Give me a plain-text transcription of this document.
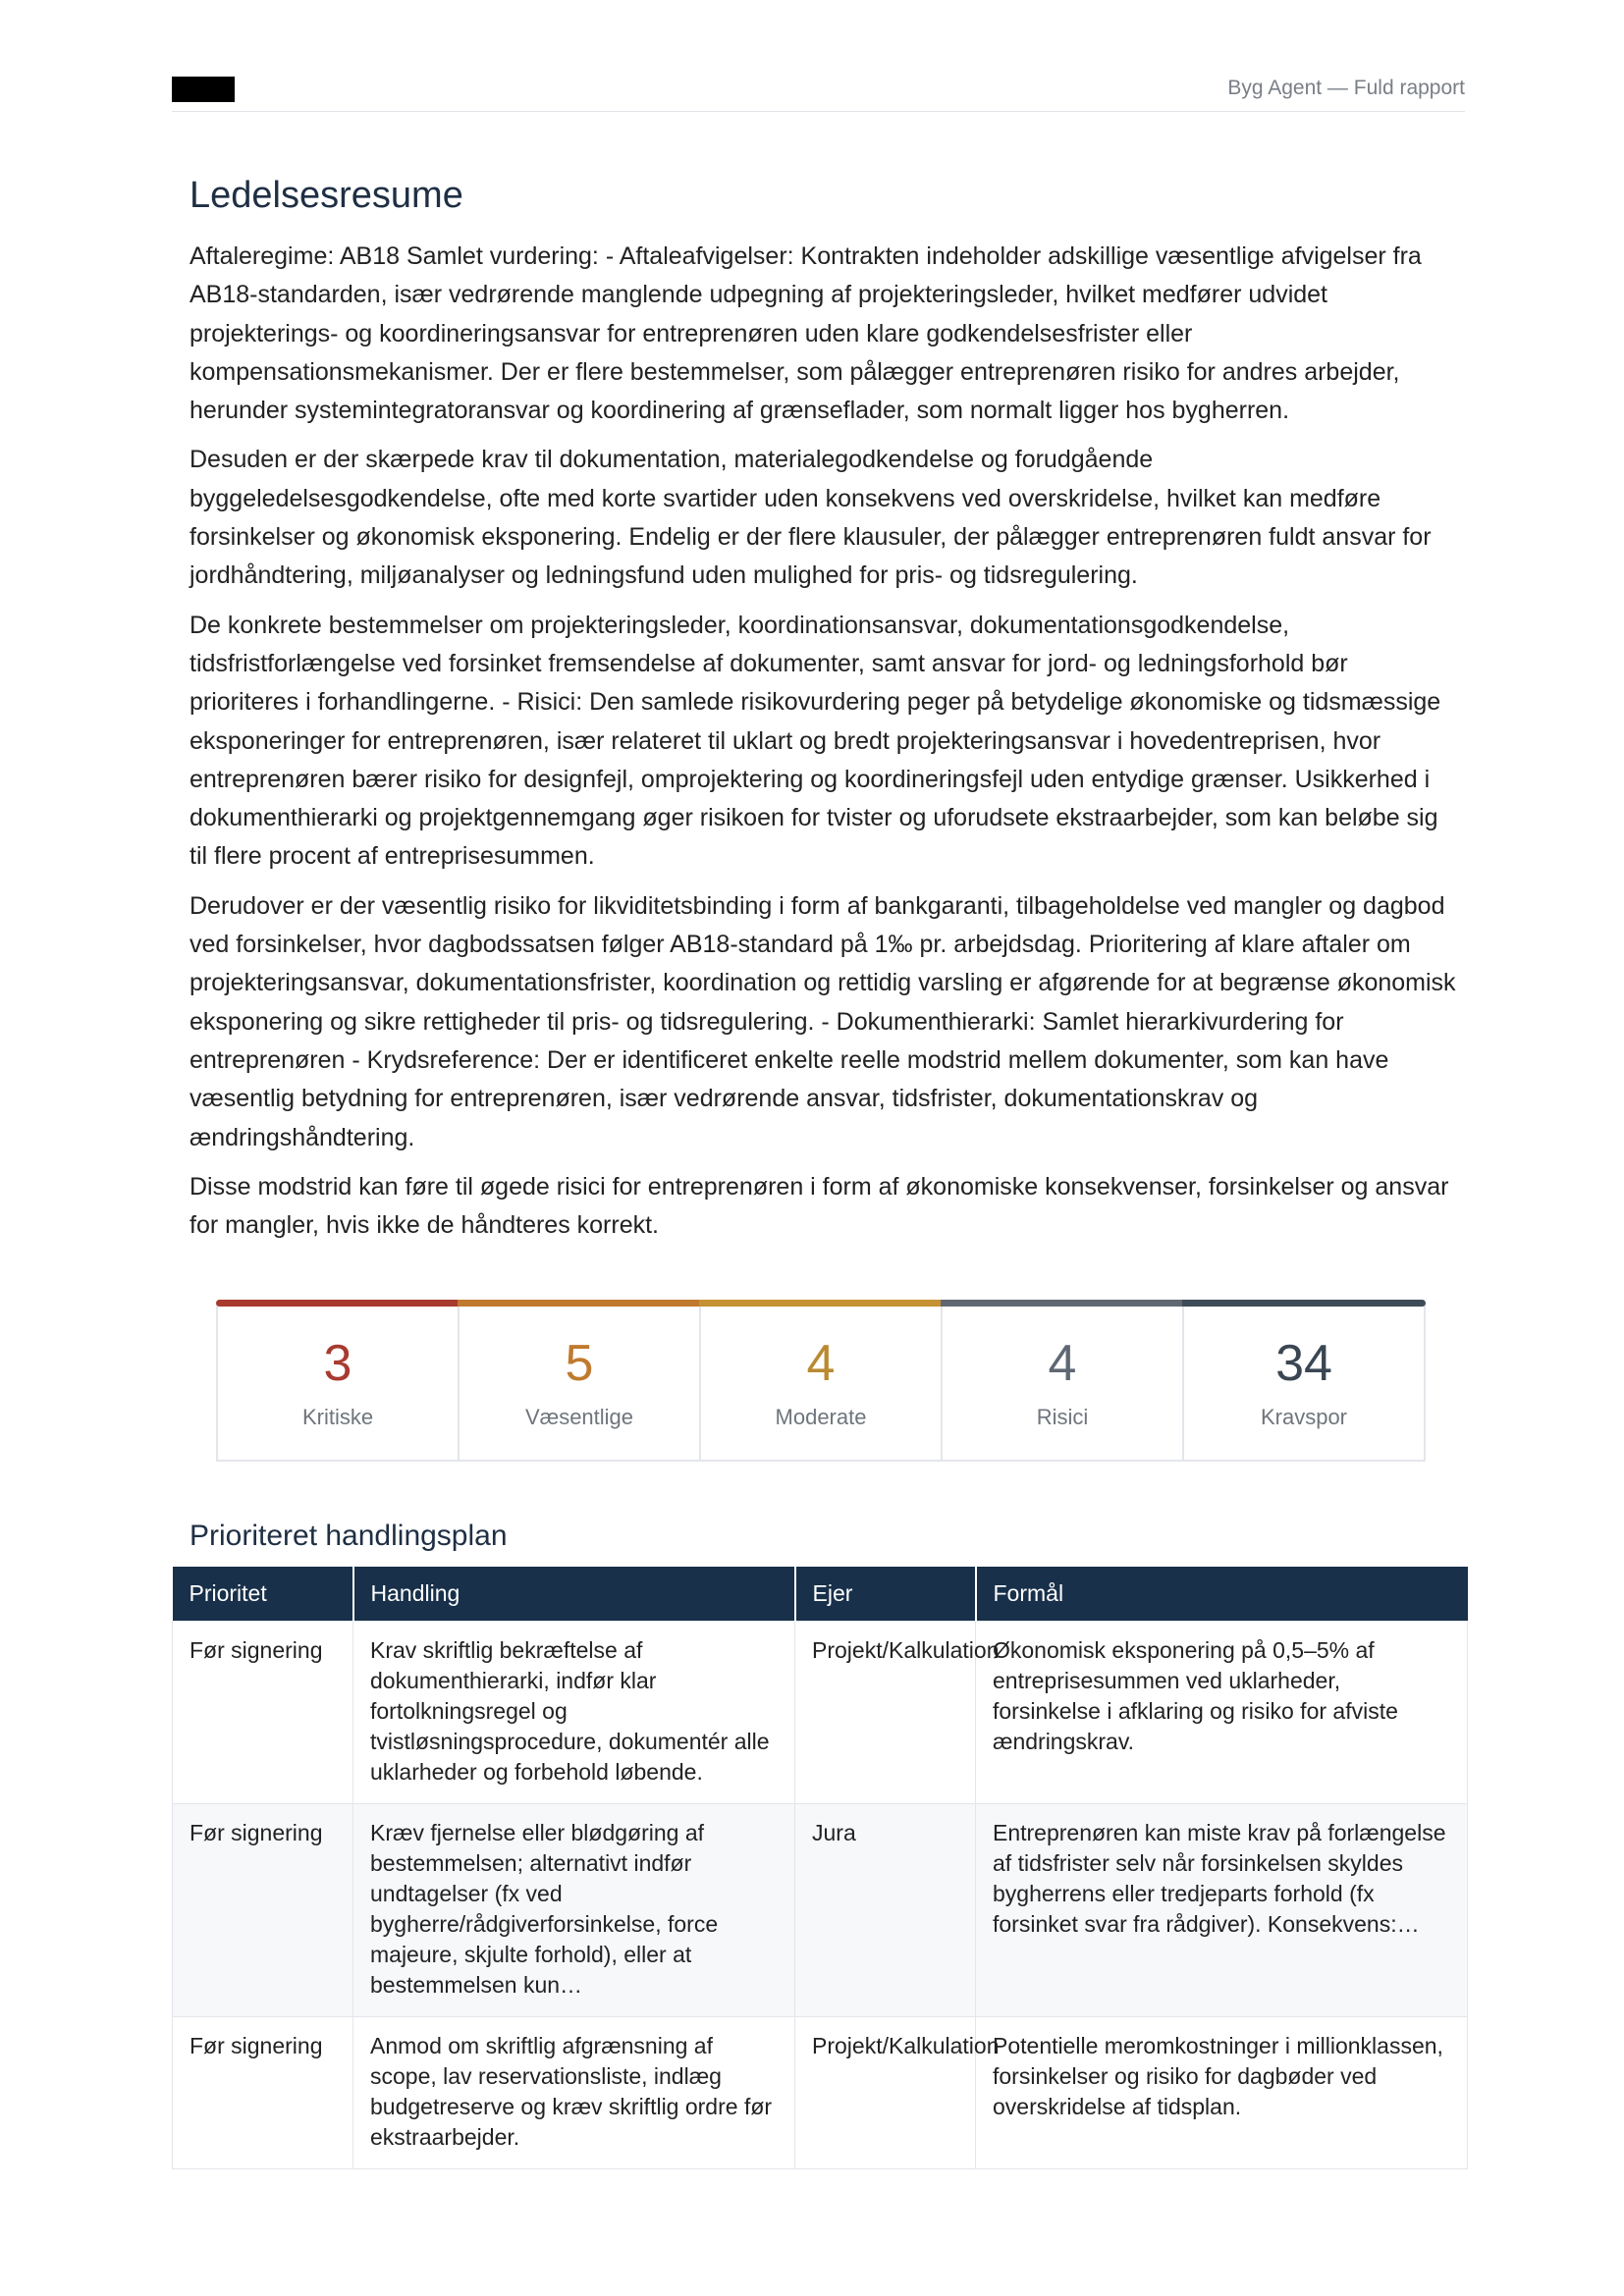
Byg Agent — Fuld rapport
Ledelsesresume

Aftaleregime: AB18 Samlet vurdering: - Aftaleafvigelser: Kontrakten indeholder adskillige væsentlige afvigelser fra AB18-standarden, især vedrørende manglende udpegning af projekteringsleder, hvilket medfører udvidet projekterings- og koordineringsansvar for entreprenøren uden klare godkendelsesfrister eller kompensationsmekanismer. Der er flere bestemmelser, som pålægger entreprenøren risiko for andres arbejder, herunder systemintegratoransvar og koordinering af grænseflader, som normalt ligger hos bygherren.

Desuden er der skærpede krav til dokumentation, materialegodkendelse og forudgående byggeledelsesgodkendelse, ofte med korte svartider uden konsekvens ved overskridelse, hvilket kan medføre forsinkelser og økonomisk eksponering. Endelig er der flere klausuler, der pålægger entreprenøren fuldt ansvar for jordhåndtering, miljøanalyser og ledningsfund uden mulighed for pris- og tidsregulering.

De konkrete bestemmelser om projekteringsleder, koordinationsansvar, dokumentationsgodkendelse, tidsfristforlængelse ved forsinket fremsendelse af dokumenter, samt ansvar for jord- og ledningsforhold bør prioriteres i forhandlingerne. - Risici: Den samlede risikovurdering peger på betydelige økonomiske og tidsmæssige eksponeringer for entreprenøren, især relateret til uklart og bredt projekteringsansvar i hovedentreprisen, hvor entreprenøren bærer risiko for designfejl, omprojektering og koordineringsfejl uden entydige grænser. Usikkerhed i dokumenthierarki og projektgennemgang øger risikoen for tvister og uforudsete ekstraarbejder, som kan beløbe sig til flere procent af entreprisesummen.

Derudover er der væsentlig risiko for likviditetsbinding i form af bankgaranti, tilbageholdelse ved mangler og dagbod ved forsinkelser, hvor dagbodssatsen følger AB18-standard på 1‰ pr. arbejdsdag. Prioritering af klare aftaler om projekteringsansvar, dokumentationsfrister, koordination og rettidig varsling er afgørende for at begrænse økonomisk eksponering og sikre rettigheder til pris- og tidsregulering. - Dokumenthierarki: Samlet hierarkivurdering for entreprenøren - Krydsreference: Der er identificeret enkelte reelle modstrid mellem dokumenter, som kan have væsentlig betydning for entreprenøren, især vedrørende ansvar, tidsfrister, dokumentationskrav og ændringshåndtering.

Disse modstrid kan føre til øgede risici for entreprenøren i form af økonomiske konsekvenser, forsinkelser og ansvar for mangler, hvis ikke de håndteres korrekt.

3
Kritiske
5
Væsentlige
4
Moderate
4
Risici
34
Kravspor
Prioriteret handlingsplan
Prioritet	Handling	Ejer	Formål
Før signering	Krav skriftlig bekræftelse af dokumenthierarki, indfør klar fortolkningsregel og tvistløsningsprocedure, dokumentér alle uklarheder og forbehold løbende.	Projekt/Kalkulation	Økonomisk eksponering på 0,5–5% af entreprisesummen ved uklarheder, forsinkelse i afklaring og risiko for afviste ændringskrav.
Før signering	Kræv fjernelse eller blødgøring af bestemmelsen; alternativt indfør undtagelser (fx ved bygherre/rådgiverforsinkelse, force majeure, skjulte forhold), eller at bestemmelsen kun…	Jura	Entreprenøren kan miste krav på forlængelse af tidsfrister selv når forsinkelsen skyldes bygherrens eller tredjeparts forhold (fx forsinket svar fra rådgiver). Konsekvens:…
Før signering	Anmod om skriftlig afgrænsning af scope, lav reservationsliste, indlæg budgetreserve og kræv skriftlig ordre før ekstraarbejder.	Projekt/Kalkulation	Potentielle meromkostninger i millionklassen, forsinkelser og risiko for dagbøder ved overskridelse af tidsplan.
